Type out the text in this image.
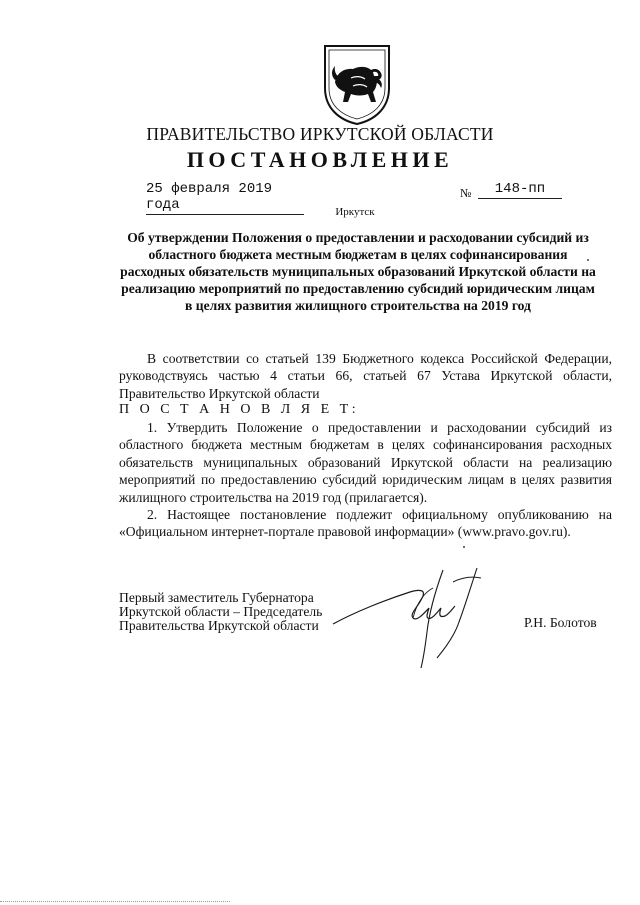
ПРАВИТЕЛЬСТВО ИРКУТСКОЙ ОБЛАСТИ
ПОСТАНОВЛЕНИЕ
25 февраля 2019 года
№	148-пп
Иркутск
Об утверждении Положения о предоставлении и расходовании субсидий из областного бюджета местным бюджетам в целях софинансирования расходных обязательств муниципальных образований Иркутской области на реализацию мероприятий по предоставлению субсидий юридическим лицам в целях развития жилищного строительства на 2019 год
В соответствии со статьей 139 Бюджетного кодекса Российской Федерации, руководствуясь частью 4 статьи 66, статьей 67 Устава Иркутской области, Правительство Иркутской области
П О С Т А Н О В Л Я Е Т:
1. Утвердить Положение о предоставлении и расходовании субсидий из областного бюджета местным бюджетам в целях софинансирования расходных обязательств муниципальных образований Иркутской области на реализацию мероприятий по предоставлению субсидий юридическим лицам в целях развития жилищного строительства на 2019 год (прилагается).
2. Настоящее постановление подлежит официальному опубликованию на «Официальном интернет-портале правовой информации» (www.pravo.gov.ru).
Первый заместитель Губернатора
Иркутской области – Председатель
Правительства Иркутской области	Р.Н. Болотов
